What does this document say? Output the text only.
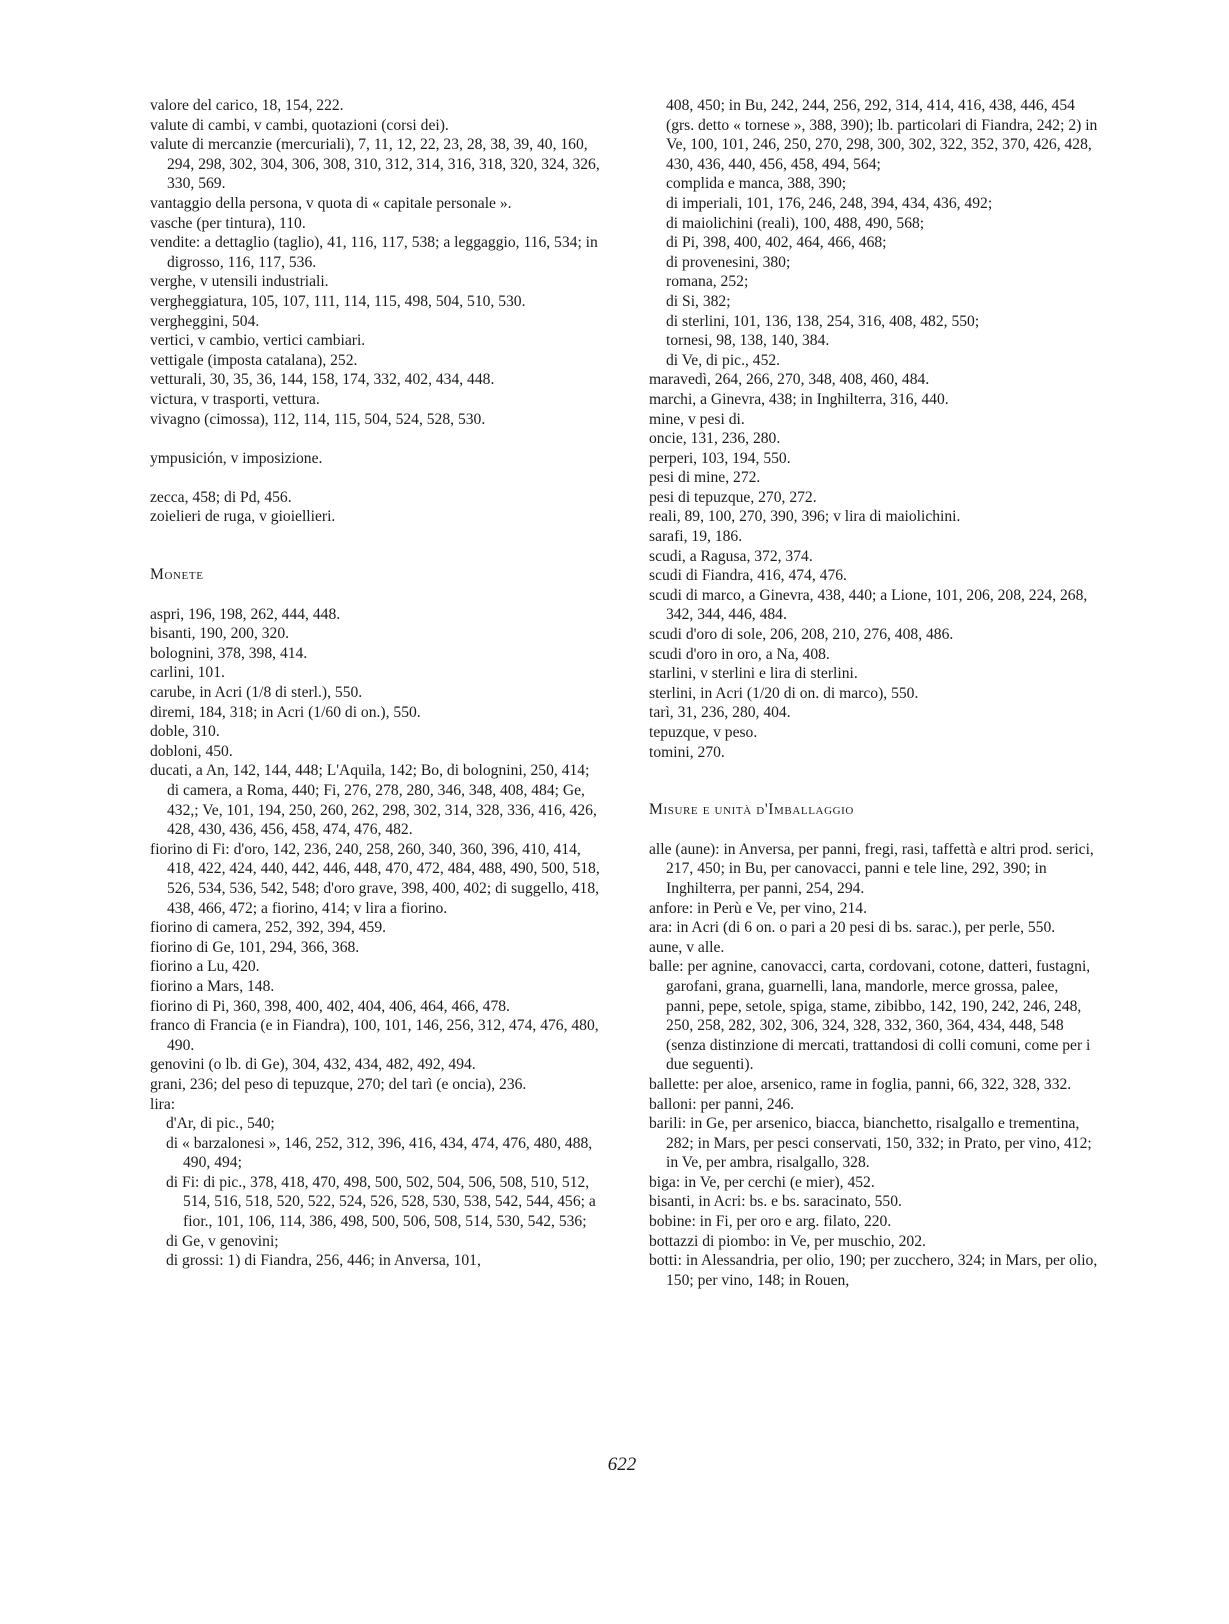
valore del carico, 18, 154, 222.
valute di cambi, v cambi, quotazioni (corsi dei).
valute di mercanzie (mercuriali), 7, 11, 12, 22, 23, 28, 38, 39, 40, 160, 294, 298, 302, 304, 306, 308, 310, 312, 314, 316, 318, 320, 324, 326, 330, 569.
vantaggio della persona, v quota di « capitale personale ».
vasche (per tintura), 110.
vendite: a dettaglio (taglio), 41, 116, 117, 538; a leggaggio, 116, 534; in digrosso, 116, 117, 536.
verghe, v utensili industriali.
vergheggiatura, 105, 107, 111, 114, 115, 498, 504, 510, 530.
vergheggini, 504.
vertici, v cambio, vertici cambiari.
vettigale (imposta catalana), 252.
vetturali, 30, 35, 36, 144, 158, 174, 332, 402, 434, 448.
victura, v trasporti, vettura.
vivagno (cimossa), 112, 114, 115, 504, 524, 528, 530.
ympusición, v imposizione.
zecca, 458; di Pd, 456.
zoielieri de ruga, v gioiellieri.
Monete
aspri, 196, 198, 262, 444, 448.
bisanti, 190, 200, 320.
bolognini, 378, 398, 414.
carlini, 101.
carube, in Acri (1/8 di sterl.), 550.
diremi, 184, 318; in Acri (1/60 di on.), 550.
doble, 310.
dobloni, 450.
ducati, a An, 142, 144, 448; L'Aquila, 142; Bo, di bolognini, 250, 414; di camera, a Roma, 440; Fi, 276, 278, 280, 346, 348, 408, 484; Ge, 432,; Ve, 101, 194, 250, 260, 262, 298, 302, 314, 328, 336, 416, 426, 428, 430, 436, 456, 458, 474, 476, 482.
fiorino di Fi: d'oro, 142, 236, 240, 258, 260, 340, 360, 396, 410, 414, 418, 422, 424, 440, 442, 446, 448, 470, 472, 484, 488, 490, 500, 518, 526, 534, 536, 542, 548; d'oro grave, 398, 400, 402; di suggello, 418, 438, 466, 472; a fiorino, 414; v lira a fiorino.
fiorino di camera, 252, 392, 394, 459.
fiorino di Ge, 101, 294, 366, 368.
fiorino a Lu, 420.
fiorino a Mars, 148.
fiorino di Pi, 360, 398, 400, 402, 404, 406, 464, 466, 478.
franco di Francia (e in Fiandra), 100, 101, 146, 256, 312, 474, 476, 480, 490.
genovini (o lb. di Ge), 304, 432, 434, 482, 492, 494.
grani, 236; del peso di tepuzque, 270; del tarì (e oncia), 236.
lira:
d'Ar, di pic., 540;
di « barzalonesi », 146, 252, 312, 396, 416, 434, 474, 476, 480, 488, 490, 494;
di Fi: di pic., 378, 418, 470, 498, 500, 502, 504, 506, 508, 510, 512, 514, 516, 518, 520, 522, 524, 526, 528, 530, 538, 542, 544, 456; a fior., 101, 106, 114, 386, 498, 500, 506, 508, 514, 530, 542, 536;
di Ge, v genovini;
di grossi: 1) di Fiandra, 256, 446; in Anversa, 101,
408, 450; in Bu, 242, 244, 256, 292, 314, 414, 416, 438, 446, 454 (grs. detto « tornese », 388, 390); lb. particolari di Fiandra, 242; 2) in Ve, 100, 101, 246, 250, 270, 298, 300, 302, 322, 352, 370, 426, 428, 430, 436, 440, 456, 458, 494, 564;
complida e manca, 388, 390;
di imperiali, 101, 176, 246, 248, 394, 434, 436, 492;
di maiolichini (reali), 100, 488, 490, 568;
di Pi, 398, 400, 402, 464, 466, 468;
di provenesini, 380;
romana, 252;
di Si, 382;
di sterlini, 101, 136, 138, 254, 316, 408, 482, 550;
tornesi, 98, 138, 140, 384.
di Ve, di pic., 452.
maravedì, 264, 266, 270, 348, 408, 460, 484.
marchi, a Ginevra, 438; in Inghilterra, 316, 440.
mine, v pesi di.
oncie, 131, 236, 280.
perperi, 103, 194, 550.
pesi di mine, 272.
pesi di tepuzque, 270, 272.
reali, 89, 100, 270, 390, 396; v lira di maiolichini.
sarafi, 19, 186.
scudi, a Ragusa, 372, 374.
scudi di Fiandra, 416, 474, 476.
scudi di marco, a Ginevra, 438, 440; a Lione, 101, 206, 208, 224, 268, 342, 344, 446, 484.
scudi d'oro di sole, 206, 208, 210, 276, 408, 486.
scudi d'oro in oro, a Na, 408.
starlini, v sterlini e lira di sterlini.
sterlini, in Acri (1/20 di on. di marco), 550.
tarì, 31, 236, 280, 404.
tepuzque, v peso.
tomini, 270.
Misure e unità d'Imballaggio
alle (aune): in Anversa, per panni, fregi, rasi, taffettà e altri prod. serici, 217, 450; in Bu, per canovacci, panni e tele line, 292, 390; in Inghilterra, per panni, 254, 294.
anfore: in Perù e Ve, per vino, 214.
ara: in Acri (di 6 on. o pari a 20 pesi di bs. sarac.), per perle, 550.
aune, v alle.
balle: per agnine, canovacci, carta, cordovani, cotone, datteri, fustagni, garofani, grana, guarnelli, lana, mandorle, merce grossa, palee, panni, pepe, setole, spiga, stame, zibibbo, 142, 190, 242, 246, 248, 250, 258, 282, 302, 306, 324, 328, 332, 360, 364, 434, 448, 548 (senza distinzione di mercati, trattandosi di colli comuni, come per i due seguenti).
ballette: per aloe, arsenico, rame in foglia, panni, 66, 322, 328, 332.
balloni: per panni, 246.
barili: in Ge, per arsenico, biacca, bianchetto, risalgallo e trementina, 282; in Mars, per pesci conservati, 150, 332; in Prato, per vino, 412; in Ve, per ambra, risalgallo, 328.
biga: in Ve, per cerchi (e mier), 452.
bisanti, in Acri: bs. e bs. saracinato, 550.
bobine: in Fi, per oro e arg. filato, 220.
bottazzi di piombo: in Ve, per muschio, 202.
botti: in Alessandria, per olio, 190; per zucchero, 324; in Mars, per olio, 150; per vino, 148; in Rouen,
622
